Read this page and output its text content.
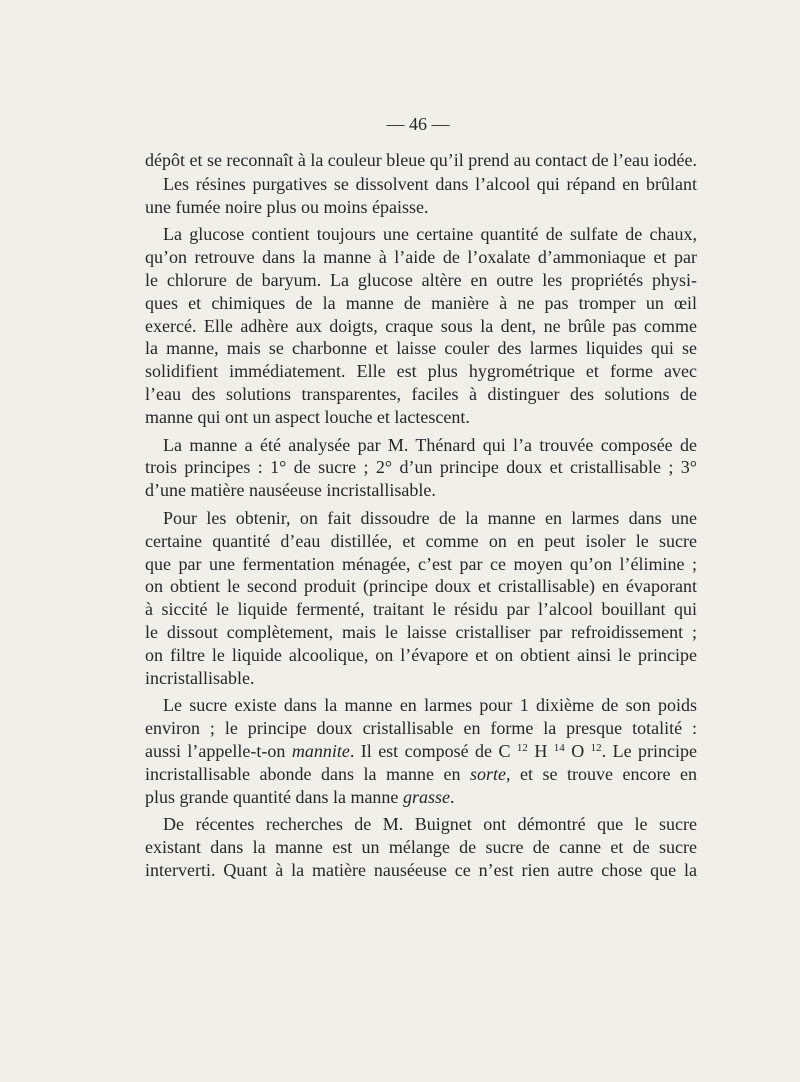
— 46 —
dépôt et se reconnaît à la couleur bleue qu’il prend au contact de l’eau iodée.
Les résines purgatives se dissolvent dans l’alcool qui répand en brûlant
une fumée noire plus ou moins épaisse.
La glucose contient toujours une certaine quantité de sulfate de chaux,
qu’on retrouve dans la manne à l’aide de l’oxalate d’ammoniaque et par
le chlorure de baryum. La glucose altère en outre les propriétés physi-
ques et chimiques de la manne de manière à ne pas tromper un œil
exercé. Elle adhère aux doigts, craque sous la dent, ne brûle pas comme
la manne, mais se charbonne et laisse couler des larmes liquides qui se
solidifient immédiatement. Elle est plus hygrométrique et forme avec
l’eau des solutions transparentes, faciles à distinguer des solutions de
manne qui ont un aspect louche et lactescent.
La manne a été analysée par M. Thénard qui l’a trouvée composée de
trois principes : 1° de sucre ; 2° d’un principe doux et cristallisable ; 3°
d’une matière nauséeuse incristallisable.
Pour les obtenir, on fait dissoudre de la manne en larmes dans une
certaine quantité d’eau distillée, et comme on en peut isoler le sucre
que par une fermentation ménagée, c’est par ce moyen qu’on l’élimine ;
on obtient le second produit (principe doux et cristallisable) en évaporant
à siccité le liquide fermenté, traitant le résidu par l’alcool bouillant qui
le dissout complètement, mais le laisse cristalliser par refroidissement ;
on filtre le liquide alcoolique, on l’évapore et on obtient ainsi le principe
incristallisable.
Le sucre existe dans la manne en larmes pour 1 dixième de son poids
environ ; le principe doux cristallisable en forme la presque totalité :
aussi l’appelle-t-on mannite. Il est composé de C $^{12}$ H $^{14}$ O $^{12}$. Le principe
incristallisable abonde dans la manne en sorte, et se trouve encore en
plus grande quantité dans la manne grasse.
De récentes recherches de M. Buignet ont démontré que le sucre
existant dans la manne est un mélange de sucre de canne et de sucre
interverti. Quant à la matière nauséeuse ce n’est rien autre chose que la
